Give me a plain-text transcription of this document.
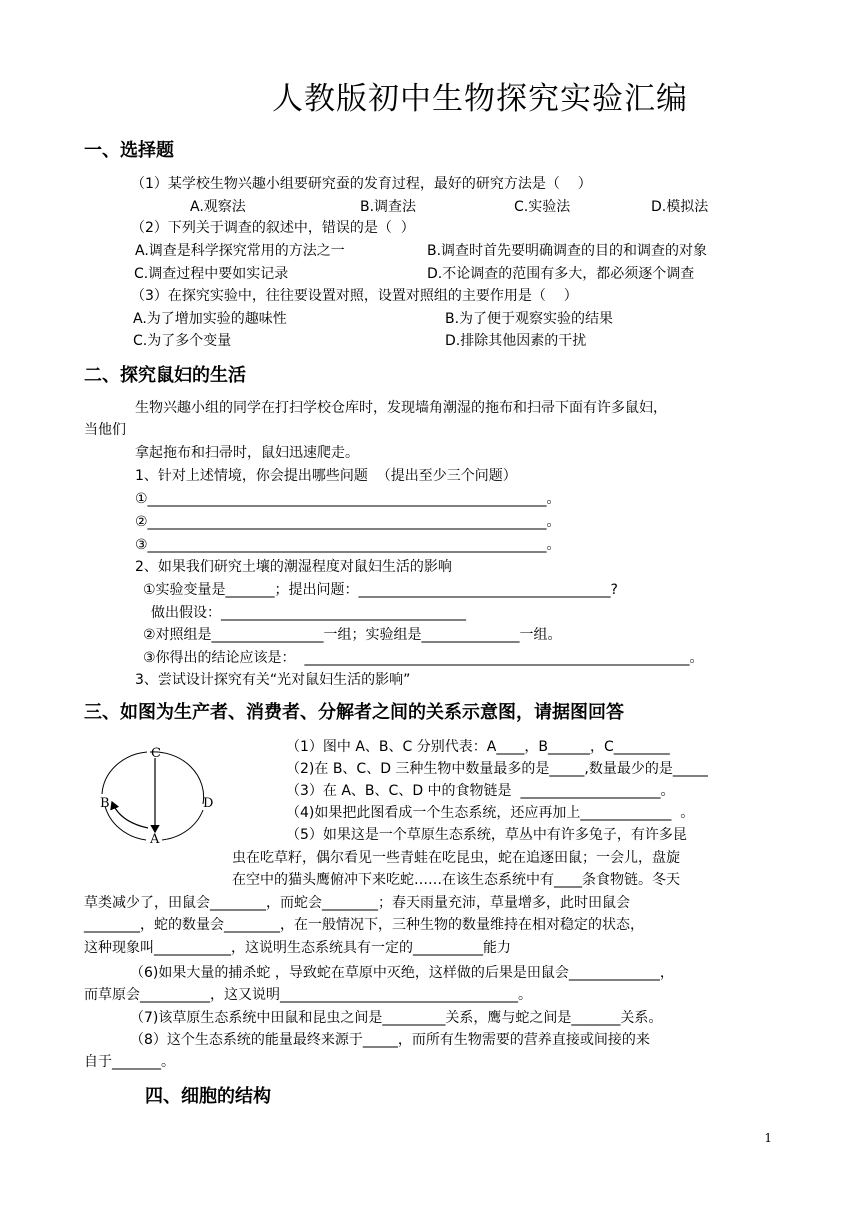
人教版初中生物探究实验汇编
一、选择题
（1）某学校生物兴趣小组要研究蚕的发育过程，最好的研究方法是（    ）
A.观察法	B.调查法	C.实验法	D.模拟法
（2）下列关于调查的叙述中，错误的是（  ）
A.调查是科学探究常用的方法之一	B.调查时首先要明确调查的目的和调查的对象
C.调查过程中要如实记录	D.不论调查的范围有多大，都必须逐个调查
（3）在探究实验中，往往要设置对照，设置对照组的主要作用是（    ）
A.为了增加实验的趣味性	B.为了便于观察实验的结果
C.为了多个变量	D.排除其他因素的干扰
二、探究鼠妇的生活
生物兴趣小组的同学在打扫学校仓库时，发现墙角潮湿的拖布和扫帚下面有许多鼠妇，
当他们
拿起拖布和扫帚时，鼠妇迅速爬走。
1、针对上述情境，你会提出哪些问题  （提出至少三个问题）
①_________________________________________________________。
②_________________________________________________________。
③_________________________________________________________。
2、如果我们研究土壤的潮湿程度对鼠妇生活的影响
①实验变量是_______；提出问题：____________________________________?
做出假设：___________________________________
②对照组是________________一组；实验组是______________一组。
③你得出的结论应该是：  _______________________________________________________。
3、尝试设计探究有关“光对鼠妇生活的影响”
三、如图为生产者、消费者、分解者之间的关系示意图，请据图回答
C
B	D
A
（1）图中 A、B、C 分别代表：A____，B______，C________
（2)在 B、C、D 三种生物中数量最多的是_____,数量最少的是_____
（3）在 A、B、C、D 中的食物链是  ____________________。
（4)如果把此图看成一个生态系统，还应再加上_____________  。
（5）如果这是一个草原生态系统，草丛中有许多兔子，有许多昆
虫在吃草籽，偶尔看见一些青蛙在吃昆虫，蛇在追逐田鼠；一会儿，盘旋
在空中的猫头鹰俯冲下来吃蛇……在该生态系统中有____条食物链。冬天
草类减少了，田鼠会________，而蛇会________；春天雨量充沛，草量增多，此时田鼠会
________，蛇的数量会________，在一般情况下，三种生物的数量维持在相对稳定的状态，
这种现象叫___________，这说明生态系统具有一定的__________能力
（6)如果大量的捕杀蛇 ，导致蛇在草原中灭绝，这样做的后果是田鼠会_____________，
而草原会__________，这又说明__________________________________。
（7)该草原生态系统中田鼠和昆虫之间是_________关系，鹰与蛇之间是_______关系。
（8）这个生态系统的能量最终来源于_____，而所有生物需要的营养直接或间接的来
自于_______。
四、细胞的结构
1
